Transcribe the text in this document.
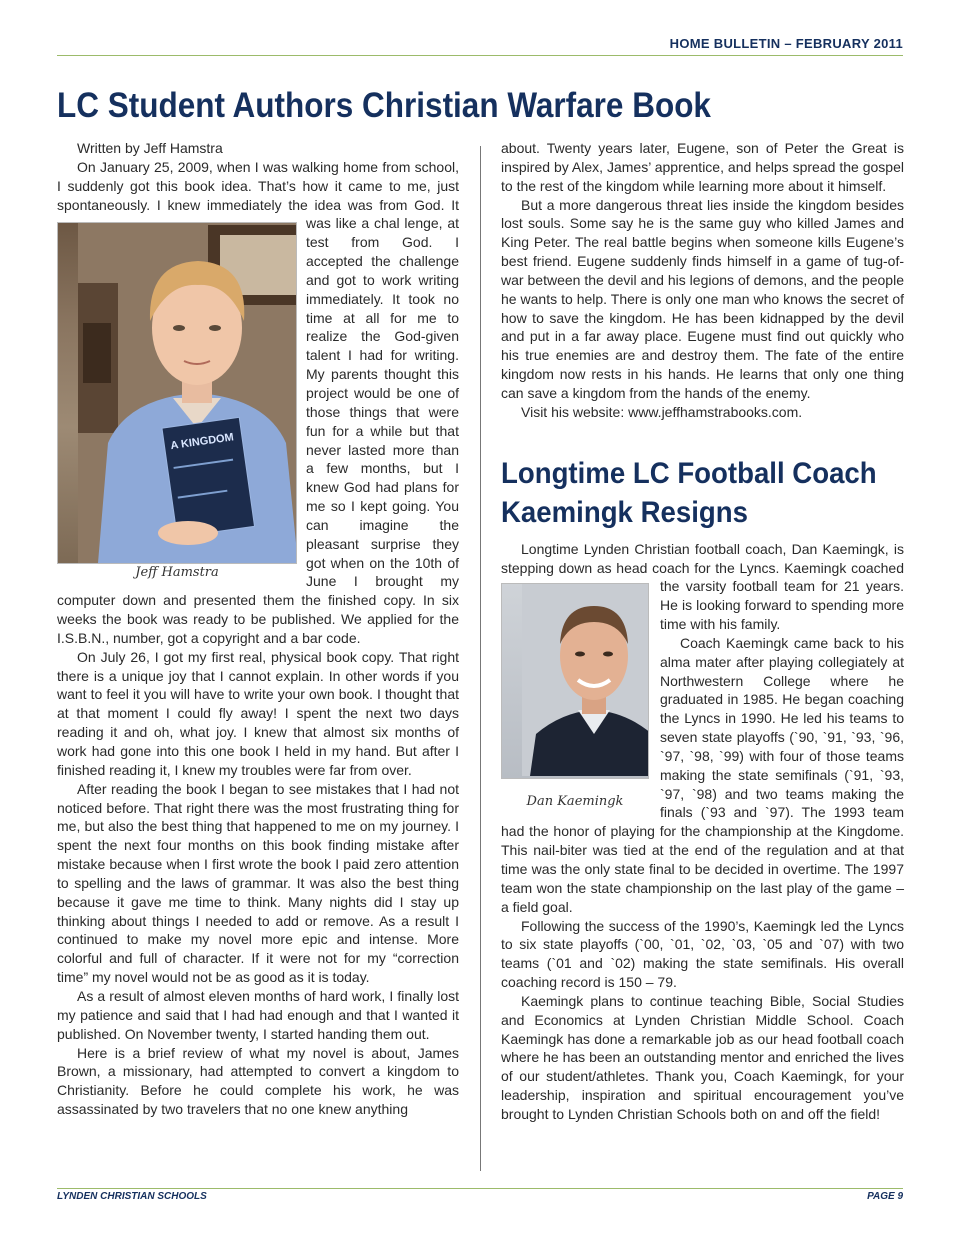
HOME BULLETIN – FEBRUARY 2011
LC Student Authors Christian Warfare Book

Written by Jeff Hamstra

On January 25, 2009, when I was walking home from school, I suddenly got this book idea. That’s how it came to me, just spontaneously. I knew immediately the idea was from God. It was like a chal
A KINGDOM
Jeff Hamstra
lenge, at test from God. I accepted the challenge and got to work writing immediately. It took no time at all for me to realize the God-given talent I had for writing. My parents thought this project would be one of those things that were fun for a while but that never lasted more than a few months, but I knew God had plans for me so I kept going. You can imagine the pleasant surprise they got when on the 10th of June I brought my computer down and presented them the finished copy. In six weeks the book was ready to be published. We applied for the I.S.B.N., number, got a copyright and a bar code.

On July 26, I got my first real, physical book copy. That right there is a unique joy that I cannot explain. In other words if you want to feel it you will have to write your own book. I thought that at that moment I could fly away! I spent the next two days reading it and oh, what joy. I knew that almost six months of work had gone into this one book I held in my hand. But after I finished reading it, I knew my troubles were far from over.

After reading the book I began to see mistakes that I had not noticed before. That right there was the most frustrating thing for me, but also the best thing that happened to me on my journey. I spent the next four months on this book finding mistake after mistake because when I first wrote the book I paid zero attention to spelling and the laws of grammar. It was also the best thing because it gave me time to think. Many nights did I stay up thinking about things I needed to add or remove. As a result I continued to make my novel more epic and intense. More colorful and full of character. If it were not for my “correction time” my novel would not be as good as it is today.

As a result of almost eleven months of hard work, I finally lost my patience and said that I had had enough and that I wanted it published. On November twenty, I started handing them out.

Here is a brief review of what my novel is about, James Brown, a missionary, had attempted to convert a kingdom to Christianity. Before he could complete his work, he was assassinated by two travelers that no one knew anything

about. Twenty years later, Eugene, son of Peter the Great is inspired by Alex, James’ apprentice, and helps spread the gospel to the rest of the kingdom while learning more about it himself.

But a more dangerous threat lies inside the kingdom besides lost souls. Some say he is the same guy who killed James and King Peter. The real battle begins when someone kills Eugene’s best friend. Eugene suddenly finds himself in a game of tug-of-war between the devil and his legions of demons, and the people he wants to help. There is only one man who knows the secret of how to save the kingdom. He has been kidnapped by the devil and put in a far away place. Eugene must find out quickly who his true enemies are and destroy them. The fate of the entire kingdom now rests in his hands. He learns that only one thing can save a kingdom from the hands of the enemy.

Visit his website: www.jeffhamstrabooks.com.

Longtime LC Football Coach
Kaemingk Resigns

Longtime Lynden Christian football coach, Dan Kaemingk, is stepping down as head coach for the Lyncs. Kaemingk
Dan Kaemingk
coached the varsity football team for 21 years. He is looking forward to spending more time with his family.

Coach Kaemingk came back to his alma mater after playing collegiately at Northwestern College where he graduated in 1985. He began coaching the Lyncs in 1990. He led his teams to seven state playoffs (`90, `91, `93, `96, `97, `98, `99) with four of those teams making the state semifinals (`91, `93, `97, `98) and two teams making the finals (`93 and `97). The 1993 team had the honor of playing for the championship at the Kingdome. This nail-biter was tied at the end of the regulation and at that time was the only state final to be decided in overtime. The 1997 team won the state championship on the last play of the game – a field goal.

Following the success of the 1990’s, Kaemingk led the Lyncs to six state playoffs (`00, `01, `02, `03, `05 and `07) with two teams (`01 and `02) making the state semifinals. His overall coaching record is 150 – 79.

Kaemingk plans to continue teaching Bible, Social Studies and Economics at Lynden Christian Middle School. Coach Kaemingk has done a remarkable job as our head football coach where he has been an outstanding mentor and enriched the lives of our student/athletes. Thank you, Coach Kaemingk, for your leadership, inspiration and spiritual encouragement you’ve brought to Lynden Christian Schools both on and off the field!

LYNDEN CHRISTIAN SCHOOLS	PAGE 9
